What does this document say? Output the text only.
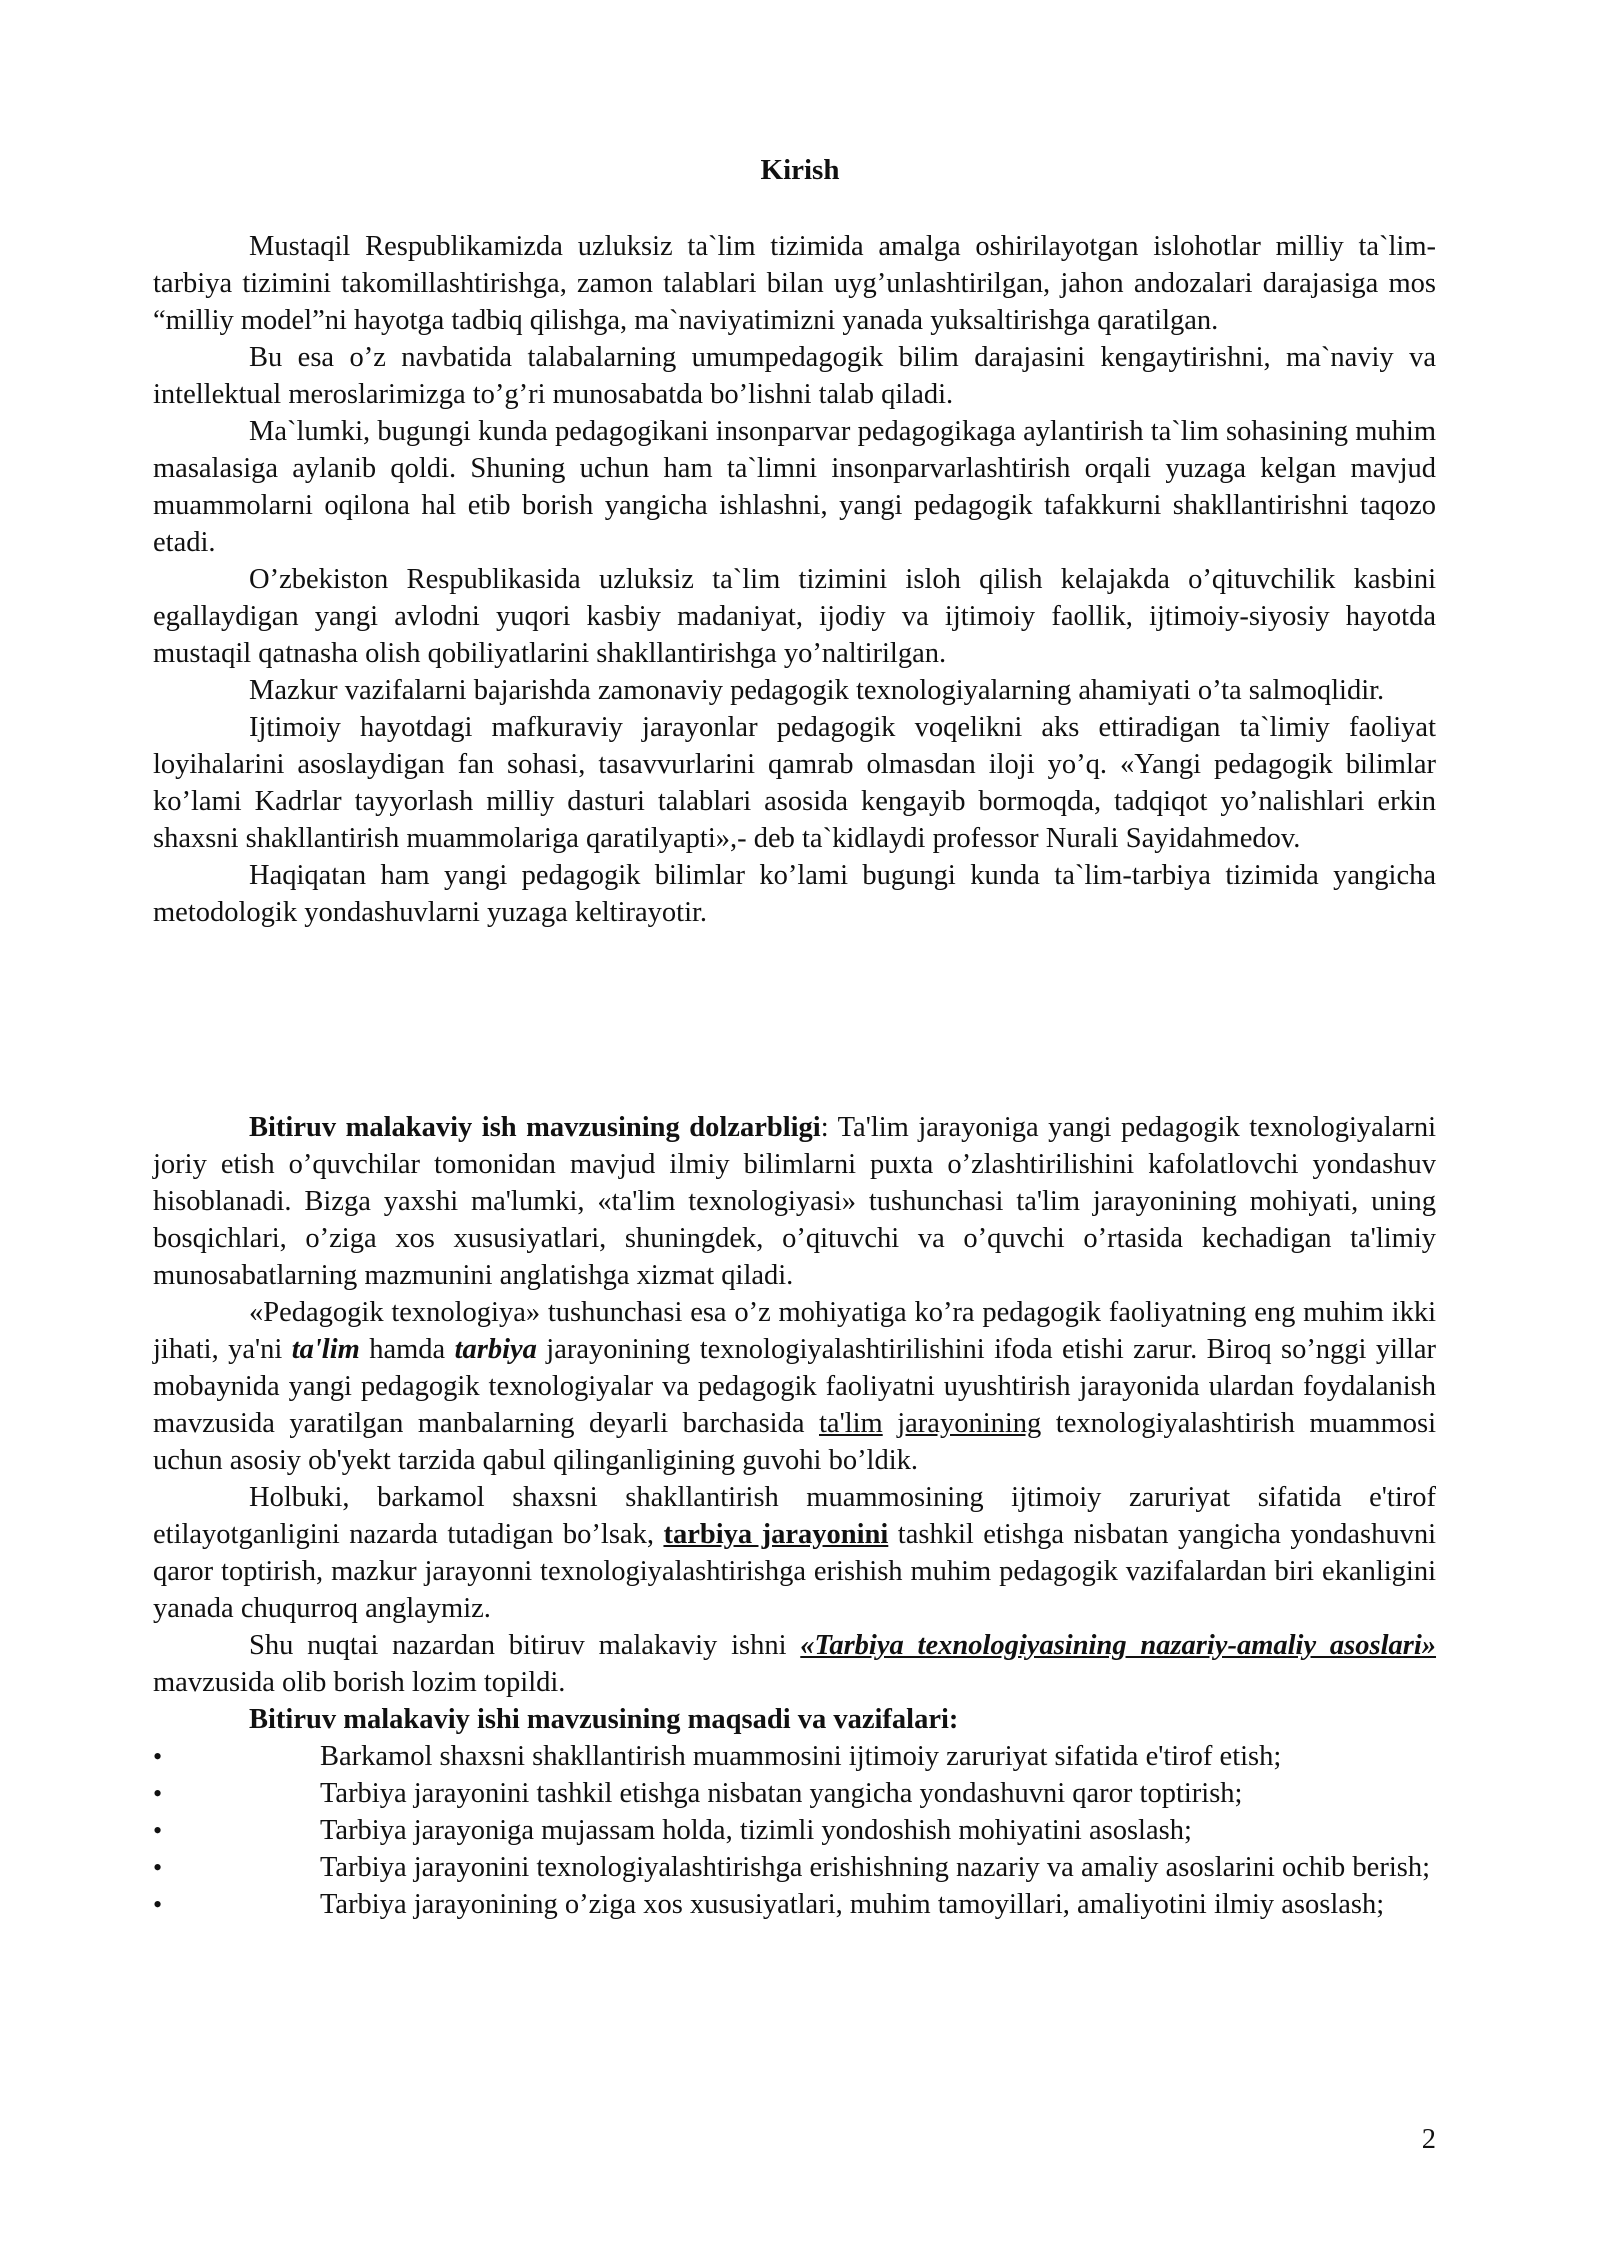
Kirish

Mustaqil Respublikamizda uzluksiz ta`lim tizimida amalga oshirilayotgan islohotlar milliy ta`lim-tarbiya tizimini takomillashtirishga, zamon talablari bilan uyg’unlashtirilgan, jahon andozalari darajasiga mos “milliy model”ni hayotga tadbiq qilishga, ma`naviyatimizni yanada yuksaltirishga qaratilgan.

Bu esa o’z navbatida talabalarning umumpedagogik bilim darajasini kengaytirishni, ma`naviy va intellektual meroslarimizga to’g’ri munosabatda bo’lishni talab qiladi.

Ma`lumki, bugungi kunda pedagogikani insonparvar pedagogikaga aylantirish ta`lim sohasining muhim masalasiga aylanib qoldi. Shuning uchun ham ta`limni insonparvarlashtirish orqali yuzaga kelgan mavjud muammolarni oqilona hal etib borish yangicha ishlashni, yangi pedagogik tafakkurni shakllantirishni taqozo etadi.

O’zbekiston Respublikasida uzluksiz ta`lim tizimini isloh qilish kelajakda o’qituvchilik kasbini egallaydigan yangi avlodni yuqori kasbiy madaniyat, ijodiy va ijtimoiy faollik, ijtimoiy-siyosiy hayotda mustaqil qatnasha olish qobiliyatlarini shakllantirishga yo’naltirilgan.

Mazkur vazifalarni bajarishda zamonaviy pedagogik texnologiyalarning ahamiyati o’ta salmoqlidir.

Ijtimoiy hayotdagi mafkuraviy jarayonlar pedagogik voqelikni aks ettiradigan ta`limiy faoliyat loyihalarini asoslaydigan fan sohasi, tasavvurlarini qamrab olmasdan iloji yo’q. «Yangi pedagogik bilimlar ko’lami Kadrlar tayyorlash milliy dasturi talablari asosida kengayib bormoqda, tadqiqot yo’nalishlari erkin shaxsni shakllantirish muammolariga qaratilyapti»,- deb ta`kidlaydi professor Nurali Sayidahmedov.

Haqiqatan ham yangi pedagogik bilimlar ko’lami bugungi kunda ta`lim-tarbiya tizimida yangicha metodologik yondashuvlarni yuzaga keltirayotir.

Bitiruv malakaviy ish mavzusining dolzarbligi: Ta'lim jarayoniga yangi pedagogik texnologiyalarni joriy etish o’quvchilar tomonidan mavjud ilmiy bilimlarni puxta o’zlashtirilishini kafolatlovchi yondashuv hisoblanadi. Bizga yaxshi ma'lumki, «ta'lim texnologiyasi» tushunchasi ta'lim jarayonining mohiyati, uning bosqichlari, o’ziga xos xususiyatlari, shuningdek, o’qituvchi va o’quvchi o’rtasida kechadigan ta'limiy munosabatlarning mazmunini anglatishga xizmat qiladi.

«Pedagogik texnologiya» tushunchasi esa o’z mohiyatiga ko’ra pedagogik faoliyatning eng muhim ikki jihati, ya'ni ta'lim hamda tarbiya jarayonining texnologiyalashtirilishini ifoda etishi zarur. Biroq so’nggi yillar mobaynida yangi pedagogik texnologiyalar va pedagogik faoliyatni uyushtirish jarayonida ulardan foydalanish mavzusida yaratilgan manbalarning deyarli barchasida ta'lim jarayonining texnologiyalashtirish muammosi uchun asosiy ob'yekt tarzida qabul qilinganligining guvohi bo’ldik.

Holbuki, barkamol shaxsni shakllantirish muammosining ijtimoiy zaruriyat sifatida e'tirof etilayotganligini nazarda tutadigan bo’lsak, tarbiya jarayonini tashkil etishga nisbatan yangicha yondashuvni qaror toptirish, mazkur jarayonni texnologiyalashtirishga erishish muhim pedagogik vazifalardan biri ekanligini yanada chuqurroq anglaymiz.

Shu nuqtai nazardan bitiruv malakaviy ishni «Tarbiya texnologiyasining nazariy-amaliy asoslari» mavzusida olib borish lozim topildi.

Bitiruv malakaviy ishi mavzusining maqsadi va vazifalari:

•	Barkamol shaxsni shakllantirish muammosini ijtimoiy zaruriyat sifatida e'tirof etish;
•	Tarbiya jarayonini tashkil etishga nisbatan yangicha yondashuvni qaror toptirish;
•	Tarbiya jarayoniga mujassam holda, tizimli yondoshish mohiyatini asoslash;
•	Tarbiya jarayonini texnologiyalashtirishga erishishning nazariy va amaliy asoslarini ochib berish;
•	Tarbiya jarayonining o’ziga xos xususiyatlari, muhim tamoyillari, amaliyotini ilmiy asoslash;
2
